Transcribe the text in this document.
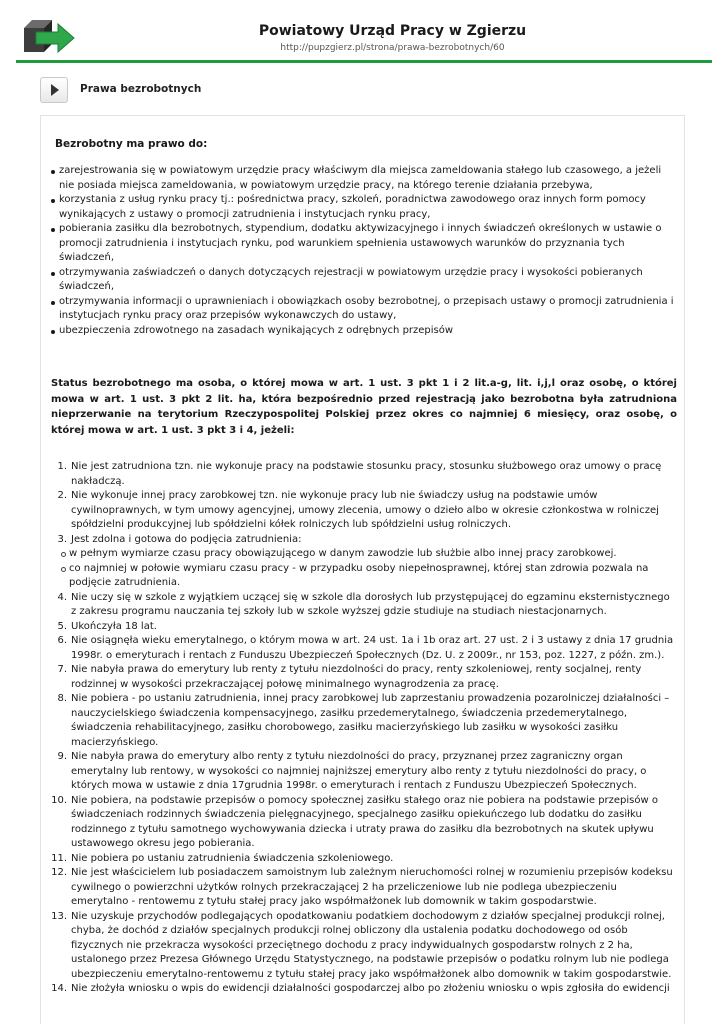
Powiatowy Urząd Pracy w Zgierzu
http://pupzgierz.pl/strona/prawa-bezrobotnych/60
Prawa bezrobotnych
Bezrobotny ma prawo do:
zarejestrowania się w powiatowym urzędzie pracy właściwym dla miejsca zameldowania stałego lub czasowego, a jeżeli nie posiada miejsca zameldowania, w powiatowym urzędzie pracy, na którego terenie działania przebywa,
korzystania z usług rynku pracy tj.: pośrednictwa pracy, szkoleń, poradnictwa zawodowego oraz innych form pomocy wynikających z ustawy o promocji zatrudnienia i instytucjach rynku pracy,
pobierania zasiłku dla bezrobotnych, stypendium, dodatku aktywizacyjnego i innych świadczeń określonych w ustawie o promocji zatrudnienia i instytucjach rynku, pod warunkiem spełnienia ustawowych warunków do przyznania tych świadczeń,
otrzymywania zaświadczeń o danych dotyczących rejestracji w powiatowym urzędzie pracy i wysokości pobieranych świadczeń,
otrzymywania informacji o uprawnieniach i obowiązkach osoby bezrobotnej, o przepisach ustawy o promocji zatrudnienia i instytucjach rynku pracy oraz przepisów wykonawczych do ustawy,
ubezpieczenia zdrowotnego na zasadach wynikających z odrębnych przepisów

Status bezrobotnego ma osoba, o której mowa w art. 1 ust. 3 pkt 1 i 2 lit.a-g, lit. i,j,l oraz osobę, o której mowa w art. 1 ust. 3 pkt 2 lit. ha, która bezpośrednio przed rejestracją jako bezrobotna była zatrudniona nieprzerwanie na terytorium Rzeczypospolitej Polskiej przez okres co najmniej 6 miesięcy, oraz osobę, o której mowa w art. 1 ust. 3 pkt 3 i 4, jeżeli:

1. Nie jest zatrudniona tzn. nie wykonuje pracy na podstawie stosunku pracy, stosunku służbowego oraz umowy o pracę nakładczą.
2. Nie wykonuje innej pracy zarobkowej tzn. nie wykonuje pracy lub nie świadczy usług na podstawie umów cywilnoprawnych, w tym umowy agencyjnej, umowy zlecenia, umowy o dzieło albo w okresie członkostwa w rolniczej spółdzielni produkcyjnej lub spółdzielni kółek rolniczych lub spółdzielni usług rolniczych.
3. Jest zdolna i gotowa do podjęcia zatrudnienia:
w pełnym wymiarze czasu pracy obowiązującego w danym zawodzie lub służbie albo innej pracy zarobkowej.
co najmniej w połowie wymiaru czasu pracy - w przypadku osoby niepełnosprawnej, której stan zdrowia pozwala na podjęcie zatrudnienia.
4. Nie uczy się w szkole z wyjątkiem uczącej się w szkole dla dorosłych lub przystępującej do egzaminu eksternistycznego z zakresu programu nauczania tej szkoły lub w szkole wyższej gdzie studiuje na studiach niestacjonarnych.
5. Ukończyła 18 lat.
6. Nie osiągnęła wieku emerytalnego, o którym mowa w art. 24 ust. 1a i 1b oraz art. 27 ust. 2 i 3 ustawy z dnia 17 grudnia 1998r. o emeryturach i rentach z Funduszu Ubezpieczeń Społecznych (Dz. U. z 2009r., nr 153, poz. 1227, z późn. zm.).
7. Nie nabyła prawa do emerytury lub renty z tytułu niezdolności do pracy, renty szkoleniowej, renty socjalnej, renty rodzinnej w wysokości przekraczającej połowę minimalnego wynagrodzenia za pracę.
8. Nie pobiera - po ustaniu zatrudnienia, innej pracy zarobkowej lub zaprzestaniu prowadzenia pozarolniczej działalności – nauczycielskiego świadczenia kompensacyjnego, zasiłku przedemerytalnego, świadczenia przedemerytalnego, świadczenia rehabilitacyjnego, zasiłku chorobowego, zasiłku macierzyńskiego lub zasiłku w wysokości zasiłku macierzyńskiego.
9. Nie nabyła prawa do emerytury albo renty z tytułu niezdolności do pracy, przyznanej przez zagraniczny organ emerytalny lub rentowy, w wysokości co najmniej najniższej emerytury albo renty z tytułu niezdolności do pracy, o których mowa w ustawie z dnia 17grudnia 1998r. o emeryturach i rentach z Funduszu Ubezpieczeń Społecznych.
10. Nie pobiera, na podstawie przepisów o pomocy społecznej zasiłku stałego oraz nie pobiera na podstawie przepisów o świadczeniach rodzinnych świadczenia pielęgnacyjnego, specjalnego zasiłku opiekuńczego lub dodatku do zasiłku rodzinnego z tytułu samotnego wychowywania dziecka i utraty prawa do zasiłku dla bezrobotnych na skutek upływu ustawowego okresu jego pobierania.
11. Nie pobiera po ustaniu zatrudnienia świadczenia szkoleniowego.
12. Nie jest właścicielem lub posiadaczem samoistnym lub zależnym nieruchomości rolnej w rozumieniu przepisów kodeksu cywilnego o powierzchni użytków rolnych przekraczającej 2 ha przeliczeniowe lub nie podlega ubezpieczeniu emerytalno - rentowemu z tytułu stałej pracy jako współmałżonek lub domownik w takim gospodarstwie.
13. Nie uzyskuje przychodów podlegających opodatkowaniu podatkiem dochodowym z działów specjalnej produkcji rolnej, chyba, że dochód z działów specjalnych produkcji rolnej obliczony dla ustalenia podatku dochodowego od osób fizycznych nie przekracza wysokości przeciętnego dochodu z pracy indywidualnych gospodarstw rolnych z 2 ha, ustalonego przez Prezesa Głównego Urzędu Statystycznego, na podstawie przepisów o podatku rolnym lub nie podlega ubezpieczeniu emerytalno-rentowemu z tytułu stałej pracy jako współmałżonek albo domownik w takim gospodarstwie.
14. Nie złożyła wniosku o wpis do ewidencji działalności gospodarczej albo po złożeniu wniosku o wpis zgłosiła do ewidencji
